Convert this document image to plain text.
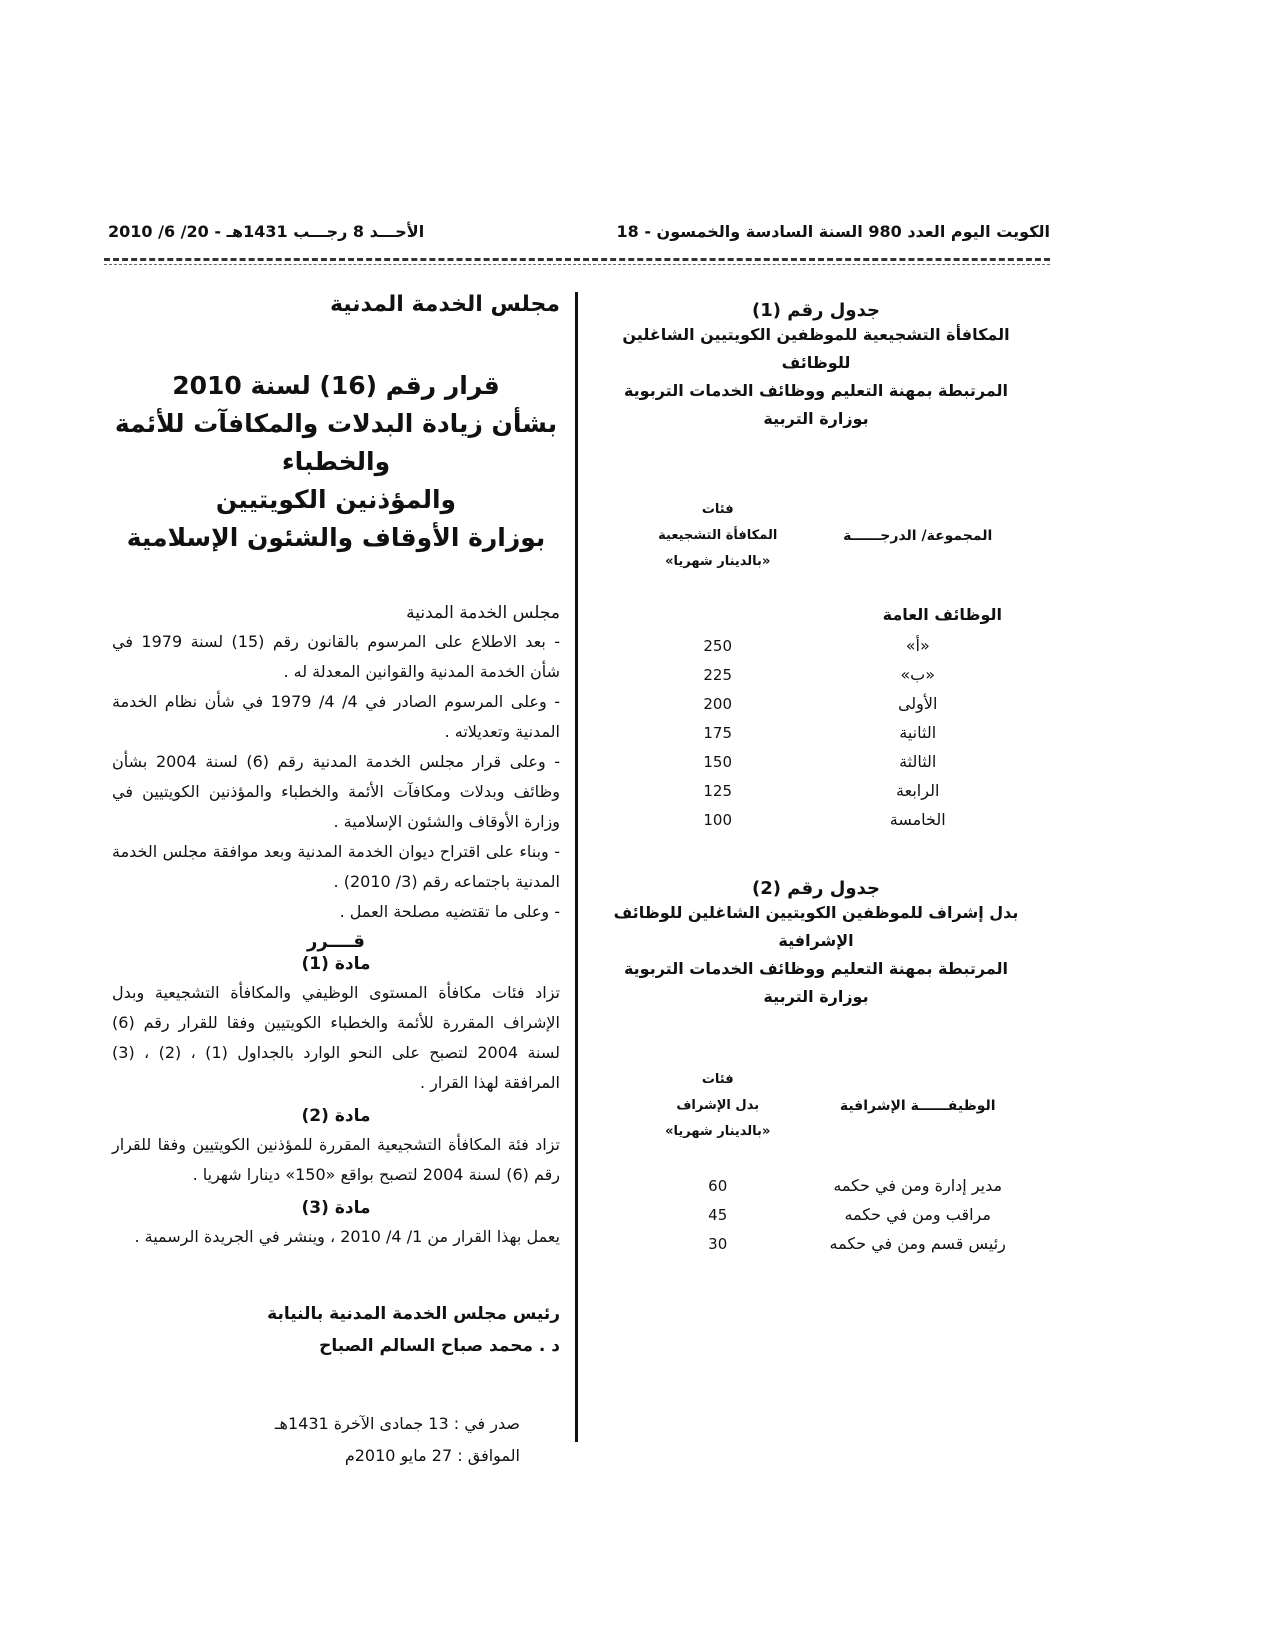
الكويت اليوم العدد 980 السنة السادسة والخمسون - 18
الأحـــد 8 رجـــب 1431هـ - 20/ 6/ 2010

جدول رقم (1)

المكافأة التشجيعية للموظفين الكويتيين الشاغلين للوظائف

المرتبطة بمهنة التعليم ووظائف الخدمات التربوية بوزارة التربية

المجموعة/ الدرجــــــة	فئات
المكافأة التشجيعية
«بالدينار شهريا»

الوظائف العامة	
«أ»	250
«ب»	225
الأولى	200
الثانية	175
الثالثة	150
الرابعة	125
الخامسة	100

جدول رقم (2)

بدل إشراف للموظفين الكويتيين الشاغلين للوظائف الإشرافية

المرتبطة بمهنة التعليم ووظائف الخدمات التربوية بوزارة التربية

الوظيفــــــة الإشرافية	فئات
بدل الإشراف
«بالدينار شهريا»

مدير إدارة ومن في حكمه	60
مراقب ومن في حكمه	45
رئيس قسم ومن في حكمه	30

مجلس الخدمة المدنية

قرار رقم (16) لسنة 2010
بشأن زيادة البدلات والمكافآت للأئمة والخطباء
والمؤذنين الكويتيين
بوزارة الأوقاف والشئون الإسلامية

مجلس الخدمة المدنية

- بعد الاطلاع على المرسوم بالقانون رقم (15) لسنة 1979 في شأن الخدمة المدنية والقوانين المعدلة له .

- وعلى المرسوم الصادر في 4/ 4/ 1979 في شأن نظام الخدمة المدنية وتعديلاته .

- وعلى قرار مجلس الخدمة المدنية رقم (6) لسنة 2004 بشأن وظائف وبدلات ومكافآت الأئمة والخطباء والمؤذنين الكويتيين في وزارة الأوقاف والشئون الإسلامية .

- وبناء على اقتراح ديوان الخدمة المدنية وبعد موافقة مجلس الخدمة المدنية باجتماعه رقم (3/ 2010) .

- وعلى ما تقتضيه مصلحة العمل .

قــــرر

مادة (1)

تزاد فئات مكافأة المستوى الوظيفي والمكافأة التشجيعية وبدل الإشراف المقررة للأئمة والخطباء الكويتيين وفقا للقرار رقم (6) لسنة 2004 لتصبح على النحو الوارد بالجداول (1) ، (2) ، (3) المرافقة لهذا القرار .

مادة (2)

تزاد فئة المكافأة التشجيعية المقررة للمؤذنين الكويتيين وفقا للقرار رقم (6) لسنة 2004 لتصبح بواقع «150» دينارا شهريا .

مادة (3)

يعمل بهذا القرار من 1/ 4/ 2010 ، وينشر في الجريدة الرسمية .

رئيس مجلس الخدمة المدنية بالنيابة

د . محمد صباح السالم الصباح

صدر في : 13 جمادى الآخرة 1431هـ

الموافق : 27 مايو 2010م
